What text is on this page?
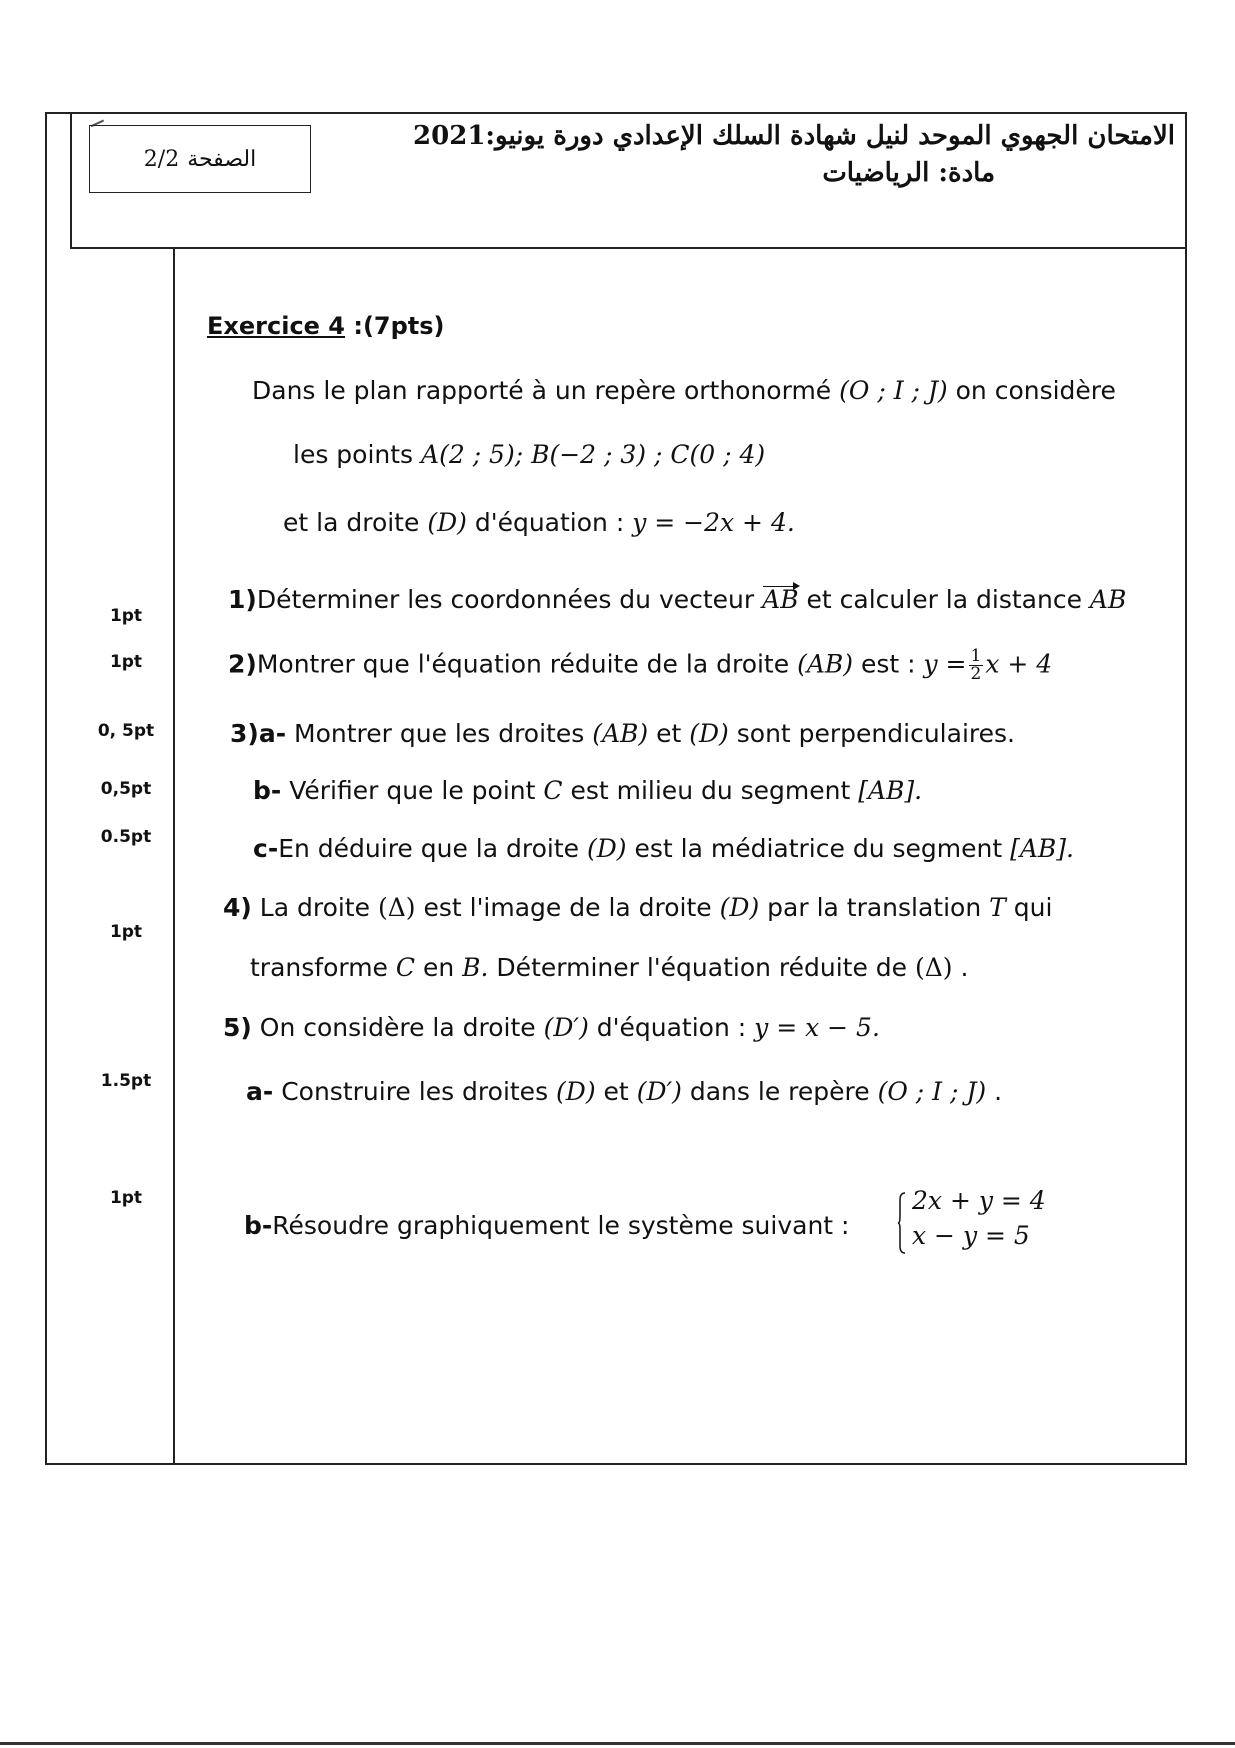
الصفحة
2/2
الامتحان الجهوي الموحد لنيل شهادة السلك الإعدادي دورة يونيو:2021
مادة: الرياضيات
Exercice 4 :(7pts)
Dans le plan rapporté à un repère orthonormé (O ; I ; J) on considère
les points A(2 ; 5); B(−2 ; 3) ; C(0 ; 4)
et la droite (D) d'équation : y = −2x + 4.
1pt
1)Déterminer les coordonnées du vecteur AB et calculer la distance AB
1pt	2)Montrer que l'équation réduite de la droite (AB) est : $y = \frac{1}{2}$ x + 4
0, 5pt	3)a- Montrer que les droites (AB) et (D) sont perpendiculaires.
0,5pt	b- Vérifier que le point C est milieu du segment [AB].
0.5pt	c-En déduire que la droite (D) est la médiatrice du segment [AB].
1pt
4) La droite (Δ) est l'image de la droite (D) par la translation T qui
transforme C en B. Déterminer l'équation réduite de (Δ) .
5) On considère la droite (D′) d'équation : y = x − 5.
1.5pt	a- Construire les droites (D) et (D′) dans le repère (O ; I ; J) .
1pt
b-Résoudre graphiquement le système suivant :
2x + y = 4
x − y = 5
